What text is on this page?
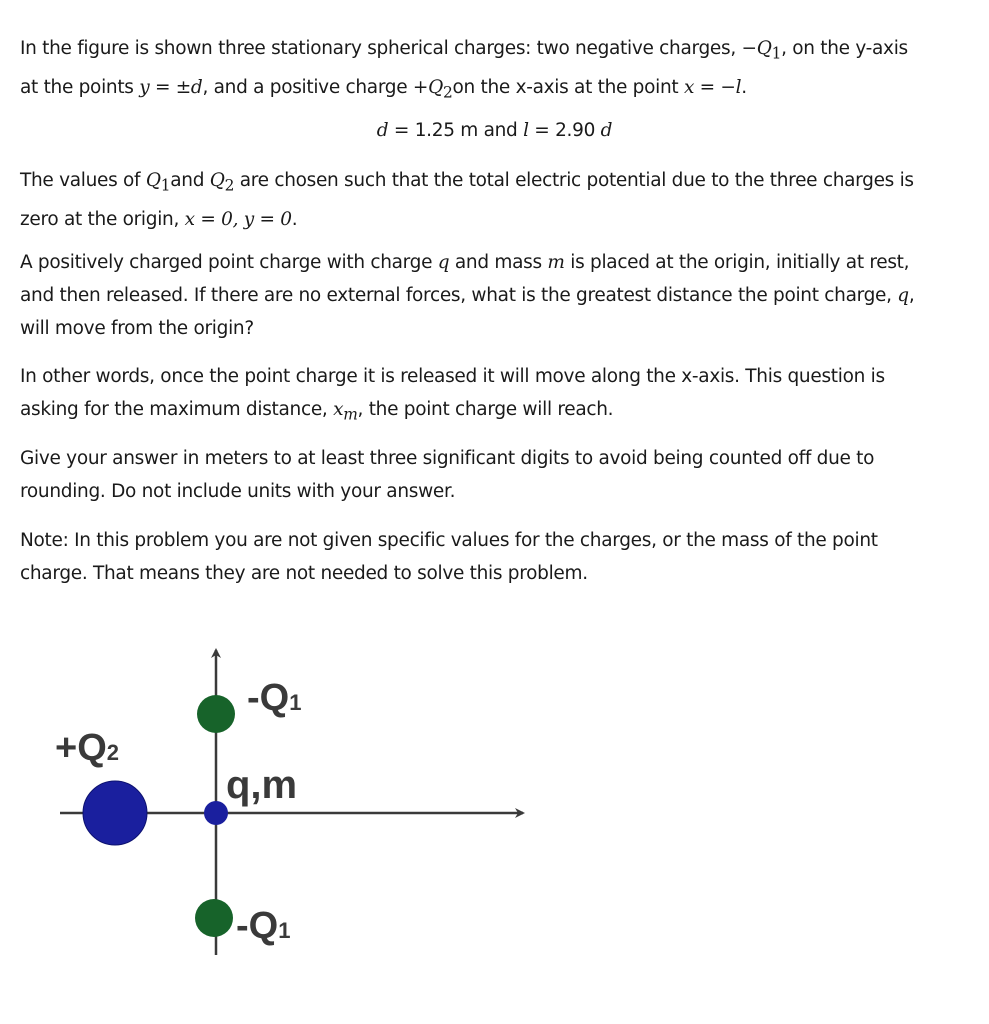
In the figure is shown three stationary spherical charges: two negative charges, $-Q_1$, on the y-axis
at the points y = ±d, and a positive charge $+Q_2on$ the x-axis at the point x = −l.
d = 1.25 m and l = 2.90 d
The values of $Q_1and$ $Q_2$ are chosen such that the total electric potential due to the three charges is
zero at the origin, x = 0, y = 0.
A positively charged point charge with charge q and mass m is placed at the origin, initially at rest,
and then released. If there are no external forces, what is the greatest distance the point charge, q,
will move from the origin?
In other words, once the point charge it is released it will move along the x-axis. This question is
asking for the maximum distance, $x_m$, the point charge will reach.
Give your answer in meters to at least three significant digits to avoid being counted off due to
rounding. Do not include units with your answer.
Note: In this problem you are not given specific values for the charges, or the mass of the point
charge. That means they are not needed to solve this problem.
-Q1
+Q2
q,m
-Q1
